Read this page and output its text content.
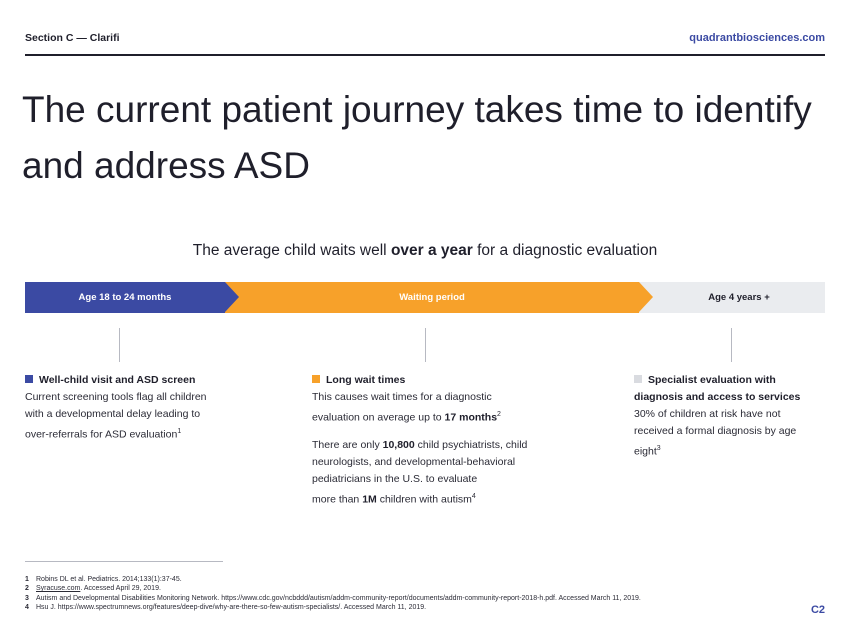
Section C — Clarifi	quadrantbiosciences.com
The current patient journey takes time to identify and address ASD
The average child waits well over a year for a diagnostic evaluation
Age 18 to 24 months	Waiting period	Age 4 years +

Well-child visit and ASD screen

Current screening tools flag all children

with a developmental delay leading to

over-referrals for ASD evaluation$^1$

Long wait times

This causes wait times for a diagnostic

evaluation on average up to 17 months$^2$

There are only 10,800 child psychiatrists, child

neurologists, and developmental-behavioral

pediatricians in the U.S. to evaluate

more than 1M children with autism$^4$

Specialist evaluation with

diagnosis and access to services

30% of children at risk have not

received a formal diagnosis by age

eight$^3$

1 Robins DL et al. Pediatrics. 2014;133(1):37-45.
2 Syracuse.com. Accessed April 29, 2019.
3 Autism and Developmental Disabilities Monitoring Network. https://www.cdc.gov/ncbddd/autism/addm-community-report/documents/addm-community-report-2018-h.pdf. Accessed March 11, 2019.
4 Hsu J. https://www.spectrumnews.org/features/deep-dive/why-are-there-so-few-autism-specialists/. Accessed March 11, 2019.	C2
